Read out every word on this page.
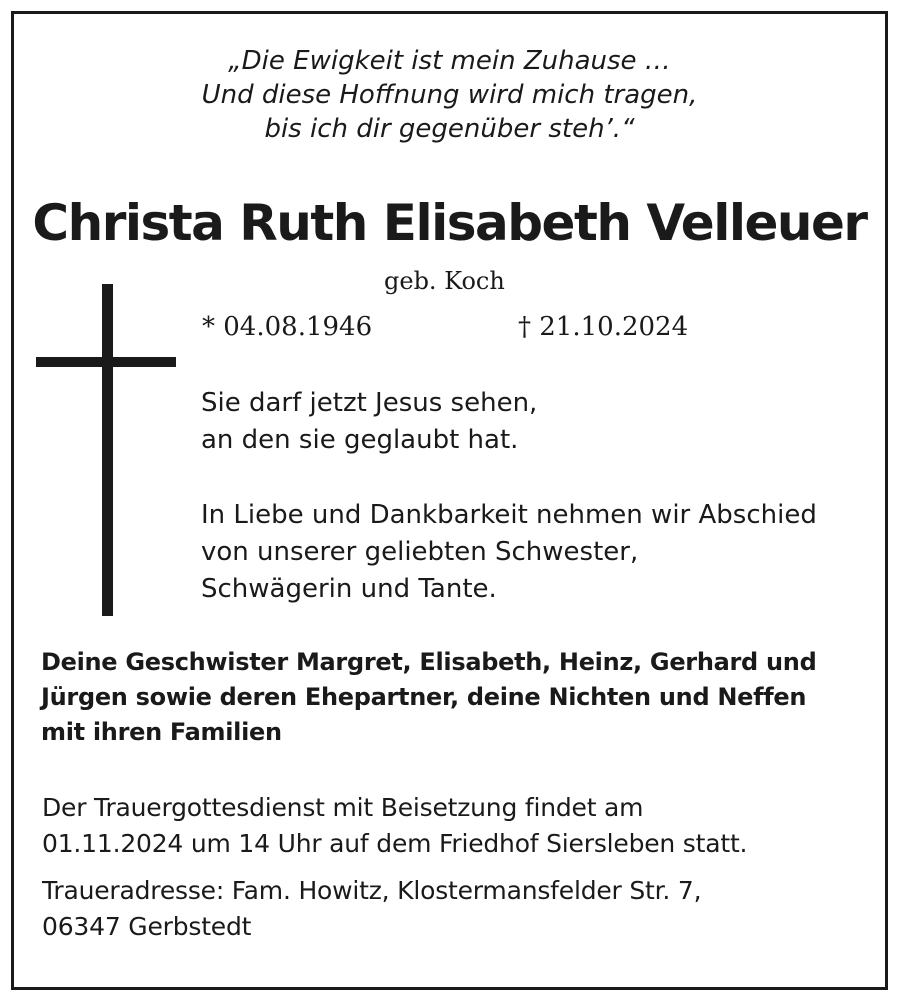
„Die Ewigkeit ist mein Zuhause …
Und diese Hoffnung wird mich tragen,
bis ich dir gegenüber steh’.“
Christa Ruth Elisabeth Velleuer
geb. Koch
* 04.08.1946	† 21.10.2024
Sie darf jetzt Jesus sehen,
an den sie geglaubt hat.
In Liebe und Dankbarkeit nehmen wir Abschied
von unserer geliebten Schwester,
Schwägerin und Tante.
Deine Geschwister Margret, Elisabeth, Heinz, Gerhard und
Jürgen sowie deren Ehepartner, deine Nichten und Neffen
mit ihren Familien
Der Trauergottesdienst mit Beisetzung findet am
01.11.2024 um 14 Uhr auf dem Friedhof Siersleben statt.
Traueradresse: Fam. Howitz, Klostermansfelder Str. 7,
06347 Gerbstedt
